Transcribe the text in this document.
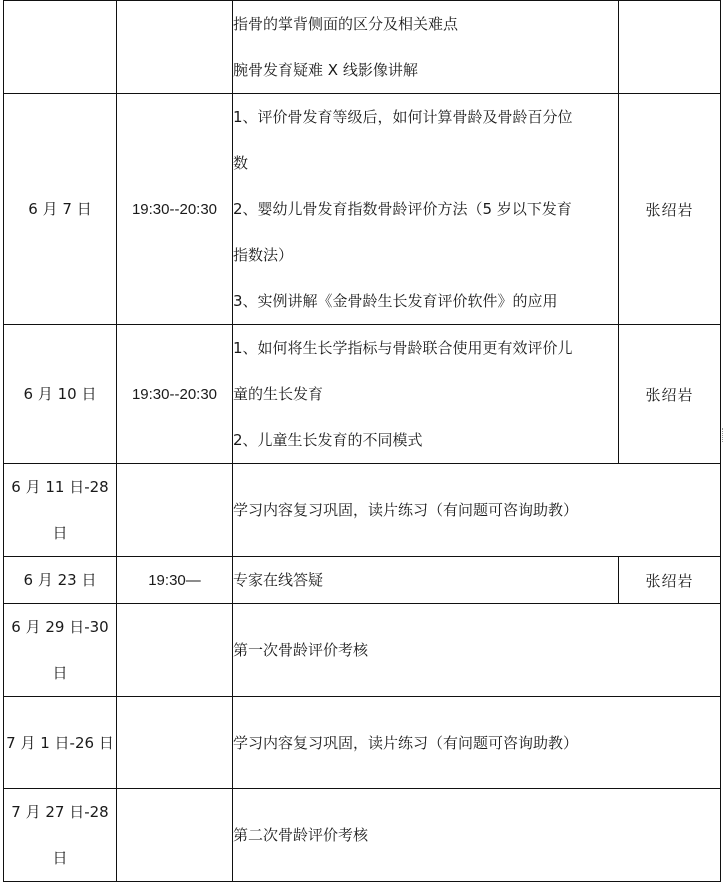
		指骨的掌背侧面的区分及相关难点
腕骨发育疑难 X 线影像讲解	

6 月 7 日	19:30--20:30	1、评价骨发育等级后，如何计算骨龄及骨龄百分位
数
2、婴幼儿骨发育指数骨龄评价方法（5 岁以下发育
指数法）
3、实例讲解《金骨龄生长发育评价软件》的应用	张绍岩
6 月 10 日	19:30--20:30	1、如何将生长学指标与骨龄联合使用更有效评价儿
童的生长发育
2、儿童生长发育的不同模式	张绍岩

6 月 11 日-28 日		学习内容复习巩固，读片练习（有问题可咨询助教）	

6 月 23 日	19:30—	专家在线答疑	张绍岩

6 月 29 日-30 日		第一次骨龄评价考核	

7 月 1 日-26 日		学习内容复习巩固，读片练习（有问题可咨询助教）	

7 月 27 日-28 日		第二次骨龄评价考核	
